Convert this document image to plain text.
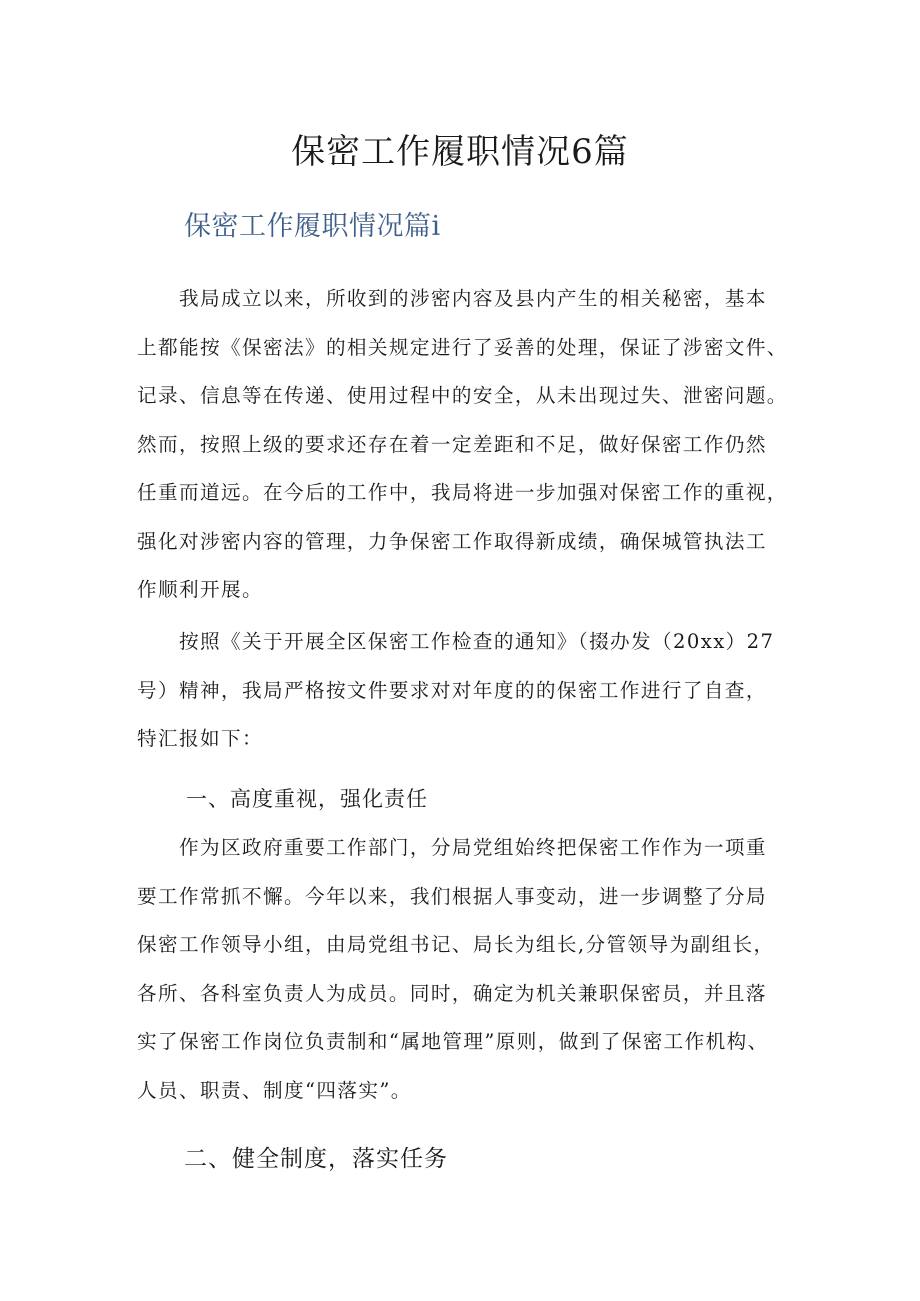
保密工作履职情况6篇
保密工作履职情况篇i

　　我局成立以来，所收到的涉密内容及县内产生的相关秘密，基本
上都能按《保密法》的相关规定进行了妥善的处理，保证了涉密文件、
记录、信息等在传递、使用过程中的安全，从未出现过失、泄密问题。
然而，按照上级的要求还存在着一定差距和不足，做好保密工作仍然
任重而道远。在今后的工作中，我局将进一步加强对保密工作的重视，
强化对涉密内容的管理，力争保密工作取得新成绩，确保城管执法工
作顺利开展。

　　按照《关于开展全区保密工作检查的通知》（掇办发（20xx）27
号）精神，我局严格按文件要求对对年度的的保密工作进行了自查，
特汇报如下：

一、高度重视，强化责任

　　作为区政府重要工作部门，分局党组始终把保密工作作为一项重
要工作常抓不懈。今年以来，我们根据人事变动，进一步调整了分局
保密工作领导小组，由局党组书记、局长为组长,分管领导为副组长，
各所、各科室负责人为成员。同时，确定为机关兼职保密员，并且落
实了保密工作岗位负责制和“属地管理”原则，做到了保密工作机构、
人员、职责、制度“四落实”。

二、健全制度，落实任务
